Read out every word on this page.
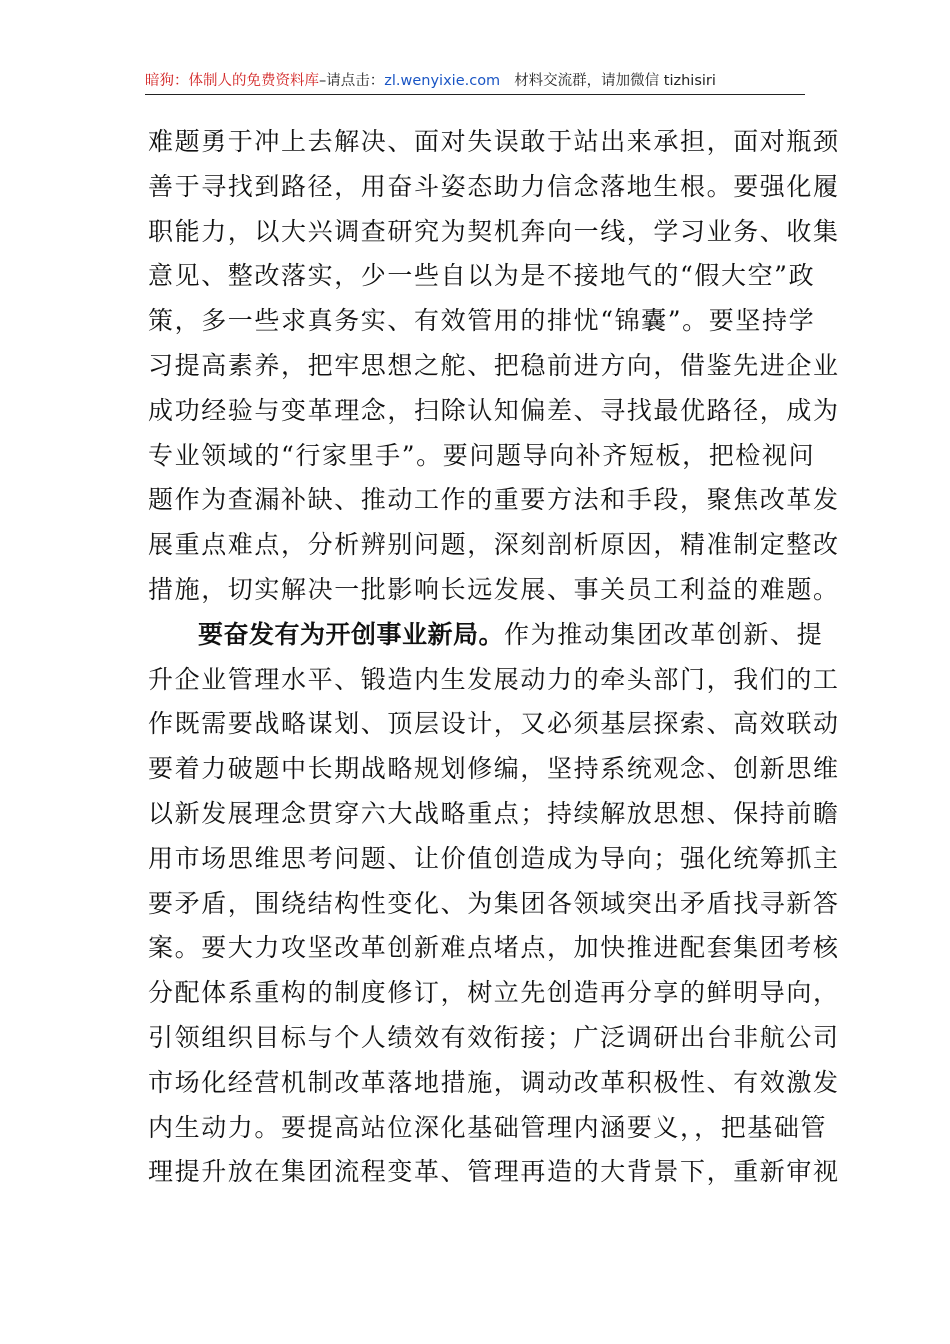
暗狗：体制人的免费资料库–请点击：zl.wenyixie.com 材料交流群，请加微信 tizhisiri
难题勇于冲上去解决、面对失误敢于站出来承担，面对瓶颈
善于寻找到路径，用奋斗姿态助力信念落地生根。要强化履
职能力，以大兴调查研究为契机奔向一线，学习业务、收集
意见、整改落实，少一些自以为是不接地气的“假大空”政
策，多一些求真务实、有效管用的排忧“锦囊”。要坚持学
习提高素养，把牢思想之舵、把稳前进方向，借鉴先进企业
成功经验与变革理念，扫除认知偏差、寻找最优路径，成为
专业领域的“行家里手”。要问题导向补齐短板，把检视问
题作为查漏补缺、推动工作的重要方法和手段，聚焦改革发
展重点难点，分析辨别问题，深刻剖析原因，精准制定整改
措施，切实解决一批影响长远发展、事关员工利益的难题。
要奋发有为开创事业新局。作为推动集团改革创新、提
升企业管理水平、锻造内生发展动力的牵头部门，我们的工
作既需要战略谋划、顶层设计，又必须基层探索、高效联动
要着力破题中长期战略规划修编，坚持系统观念、创新思维
以新发展理念贯穿六大战略重点；持续解放思想、保持前瞻
用市场思维思考问题、让价值创造成为导向；强化统筹抓主
要矛盾，围绕结构性变化、为集团各领域突出矛盾找寻新答
案。要大力攻坚改革创新难点堵点，加快推进配套集团考核
分配体系重构的制度修订，树立先创造再分享的鲜明导向，
引领组织目标与个人绩效有效衔接；广泛调研出台非航公司
市场化经营机制改革落地措施，调动改革积极性、有效激发
内生动力。要提高站位深化基础管理内涵要义，，把基础管
理提升放在集团流程变革、管理再造的大背景下，重新审视
